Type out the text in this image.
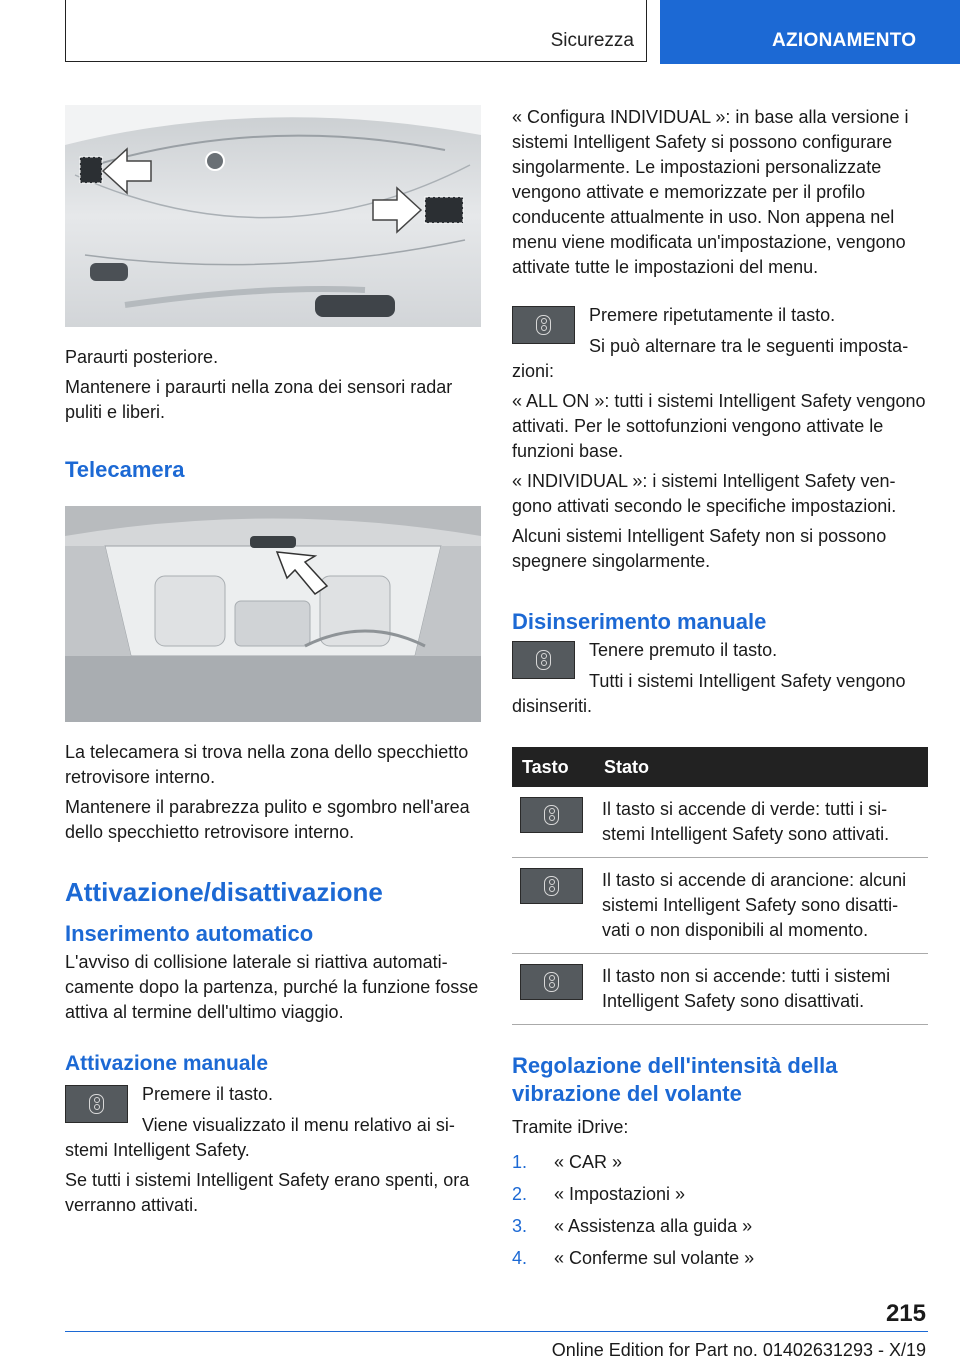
Sicurezza	AZIONAMENTO

Paraurti posteriore.

Mantenere i paraurti nella zona dei sensori radar puliti e liberi.

Telecamera

La telecamera si trova nella zona dello specchietto retrovisore interno.

Mantenere il parabrezza pulito e sgombro nell'area dello specchietto retrovisore interno.

Attivazione/disattivazione

Inserimento automatico

L'avviso di collisione laterale si riattiva automaticamente dopo la partenza, purché la funzione fosse attiva al termine dell'ultimo viaggio.

Attivazione manuale

Premere il tasto.

Viene visualizzato il menu relativo ai sistemi Intelligent Safety.

Se tutti i sistemi Intelligent Safety erano spenti, ora verranno attivati.

« Configura INDIVIDUAL »: in base alla versione i sistemi Intelligent Safety si possono configurare singolarmente. Le impostazioni personalizzate vengono attivate e memorizzate per il profilo conducente attualmente in uso. Non appena nel menu viene modificata un'impostazione, vengono attivate tutte le impostazioni del menu.

Premere ripetutamente il tasto.

Si può alternare tra le seguenti impostazioni:

« ALL ON »: tutti i sistemi Intelligent Safety vengono attivati. Per le sottofunzioni vengono attivate le funzioni base.

« INDIVIDUAL »: i sistemi Intelligent Safety vengono attivati secondo le specifiche impostazioni.

Alcuni sistemi Intelligent Safety non si possono spegnere singolarmente.

Disinserimento manuale

Tenere premuto il tasto.

Tutti i sistemi Intelligent Safety vengono disinseriti.

Tasto	Stato

	Il tasto si accende di verde: tutti i sistemi Intelligent Safety sono attivati.

	Il tasto si accende di arancione: alcuni sistemi Intelligent Safety sono disattivati o non disponibili al momento.

	Il tasto non si accende: tutti i sistemi Intelligent Safety sono disattivati.

Regolazione dell'intensità della vibrazione del volante

Tramite iDrive:

1. « CAR »
2. « Impostazioni »
3. « Assistenza alla guida »
4. « Conferme sul volante »
215
Online Edition for Part no. 01402631293 - X/19
